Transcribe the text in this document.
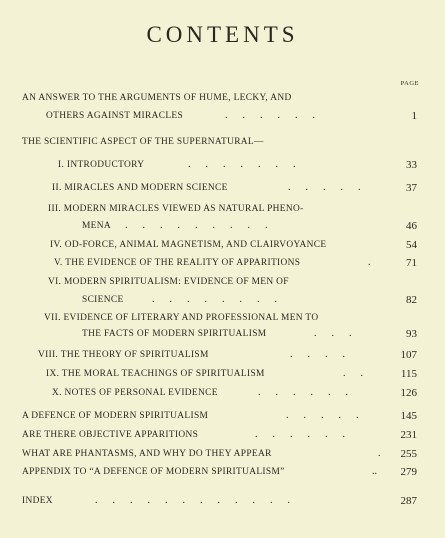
CONTENTS
PAGE
AN ANSWER TO THE ARGUMENTS OF HUME, LECKY, AND
OTHERS AGAINST MIRACLES	.      .      .      .      .      .	1
THE SCIENTIFIC ASPECT OF THE SUPERNATURAL—
I. INTRODUCTORY	.      .      .      .      .      .      .	33
II. MIRACLES AND MODERN SCIENCE	.      .      .      .      .	37
III. MODERN MIRACLES VIEWED AS NATURAL PHENO-
MENA .      .      .      .      .      .      .      .      .	46
IV. OD-FORCE, ANIMAL MAGNETISM, AND CLAIRVOYANCE	54
V. THE EVIDENCE OF THE REALITY OF APPARITIONS	.	71
VI. MODERN SPIRITUALISM: EVIDENCE OF MEN OF
SCIENCE	.      .      .      .      .      .      .      .	82
VII. EVIDENCE OF LITERARY AND PROFESSIONAL MEN TO
THE FACTS OF MODERN SPIRITUALISM	.      .      .	93
VIII. THE THEORY OF SPIRITUALISM	.      .      .      .	107
IX. THE MORAL TEACHINGS OF SPIRITUALISM	.      .	115
X. NOTES OF PERSONAL EVIDENCE	.      .      .      .      .      .	126
A DEFENCE OF MODERN SPIRITUALISM	.      .      .      .      .	145
ARE THERE OBJECTIVE APPARITIONS	.      .      .      .      .      .	231
WHAT ARE PHANTASMS, AND WHY DO THEY APPEAR	. 255
APPENDIX TO “A DEFENCE OF MODERN SPIRITUALISM”	.. 279
INDEX	.      .      .      .      .      .      .      .      .      .      .      .	287
